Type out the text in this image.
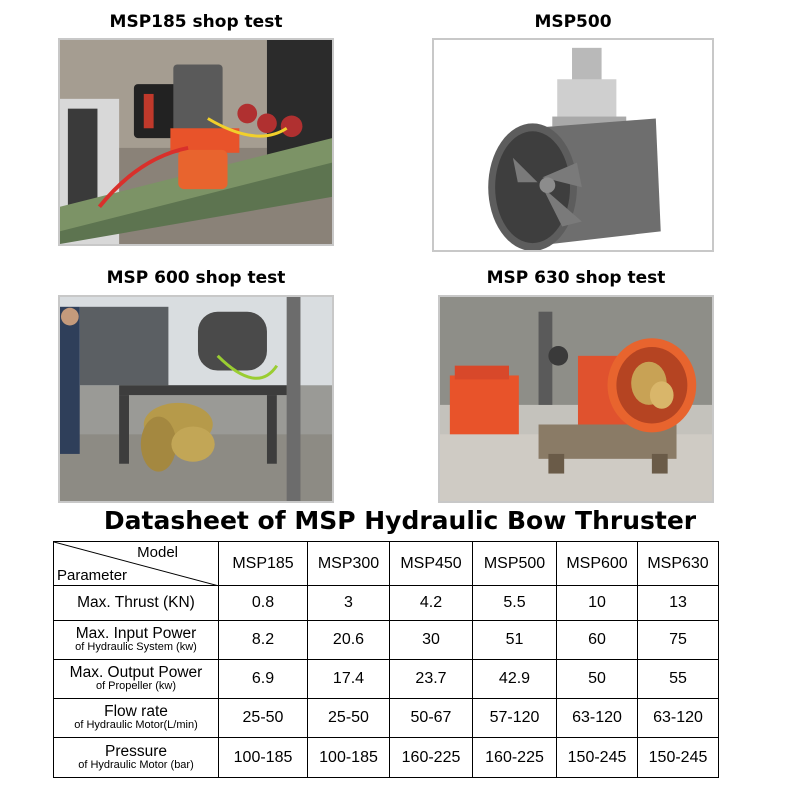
MSP185 shop test	MSP500
MSP 600 shop test	MSP 630 shop test
Datasheet of MSP Hydraulic Bow Thruster
Model
Parameter	MSP185	MSP300	MSP450	MSP500	MSP600	MSP630

Max. Thrust (KN)	0.8	3	4.2	5.5	10	13

Max. Input Power
of Hydraulic System (kw)	8.2	20.6	30	51	60	75

Max. Output Power
of Propeller (kw)	6.9	17.4	23.7	42.9	50	55

Flow rate
of Hydraulic Motor(L/min)	25-50	25-50	50-67	57-120	63-120	63-120

Pressure
of Hydraulic Motor (bar)	100-185	100-185	160-225	160-225	150-245	150-245
